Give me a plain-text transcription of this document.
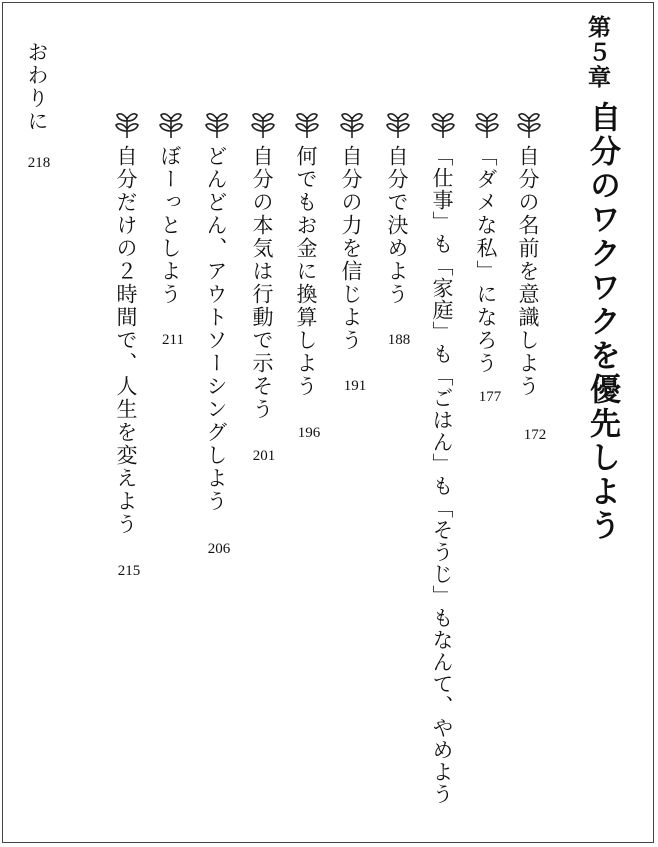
第５章
自分のワクワクを優先しよう
自分の名前を意識しよう
172
「ダメな私」になろう
177
「仕事」も「家庭」も「ごはん」も「そうじ」もなんて、やめよう
自分で決めよう
188
自分の力を信じよう
191
何でもお金に換算しよう
196
自分の本気は行動で示そう
201
どんどん、アウトソーシングしよう
206
ぼーっとしよう
211
自分だけの２時間で、人生を変えよう
215
おわりに
218
